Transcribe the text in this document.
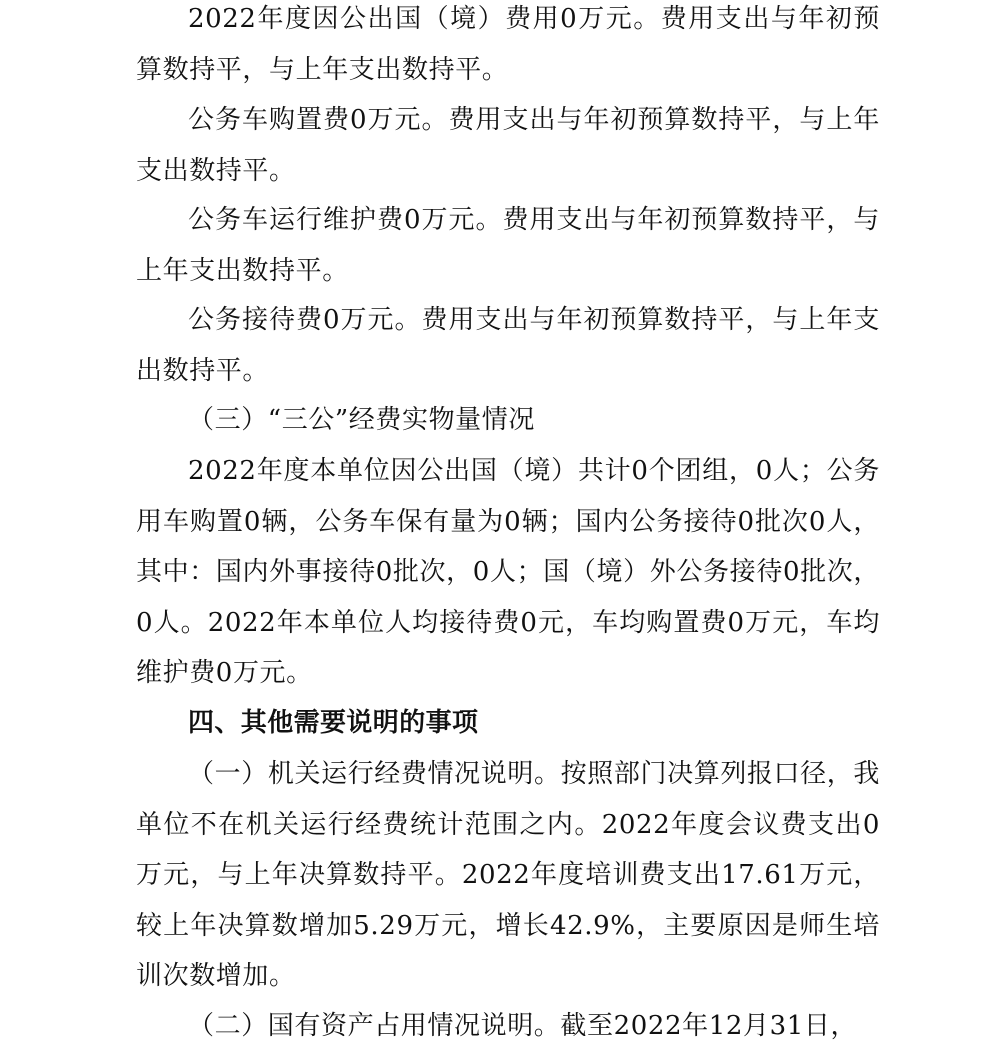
2022年度因公出国（境）费用0万元。费用支出与年初预算数持平，与上年支出数持平。

公务车购置费0万元。费用支出与年初预算数持平，与上年支出数持平。

公务车运行维护费0万元。费用支出与年初预算数持平，与上年支出数持平。

公务接待费0万元。费用支出与年初预算数持平，与上年支出数持平。

（三）“三公”经费实物量情况

2022年度本单位因公出国（境）共计0个团组，0人；公务用车购置0辆，公务车保有量为0辆；国内公务接待0批次0人，其中：国内外事接待0批次，0人；国（境）外公务接待0批次，0人。2022年本单位人均接待费0元，车均购置费0万元，车均维护费0万元。

四、其他需要说明的事项

（一）机关运行经费情况说明。按照部门决算列报口径，我单位不在机关运行经费统计范围之内。2022年度会议费支出0万元，与上年决算数持平。2022年度培训费支出17.61万元，较上年决算数增加5.29万元，增长42.9%，主要原因是师生培训次数增加。

（二）国有资产占用情况说明。截至2022年12月31日，
